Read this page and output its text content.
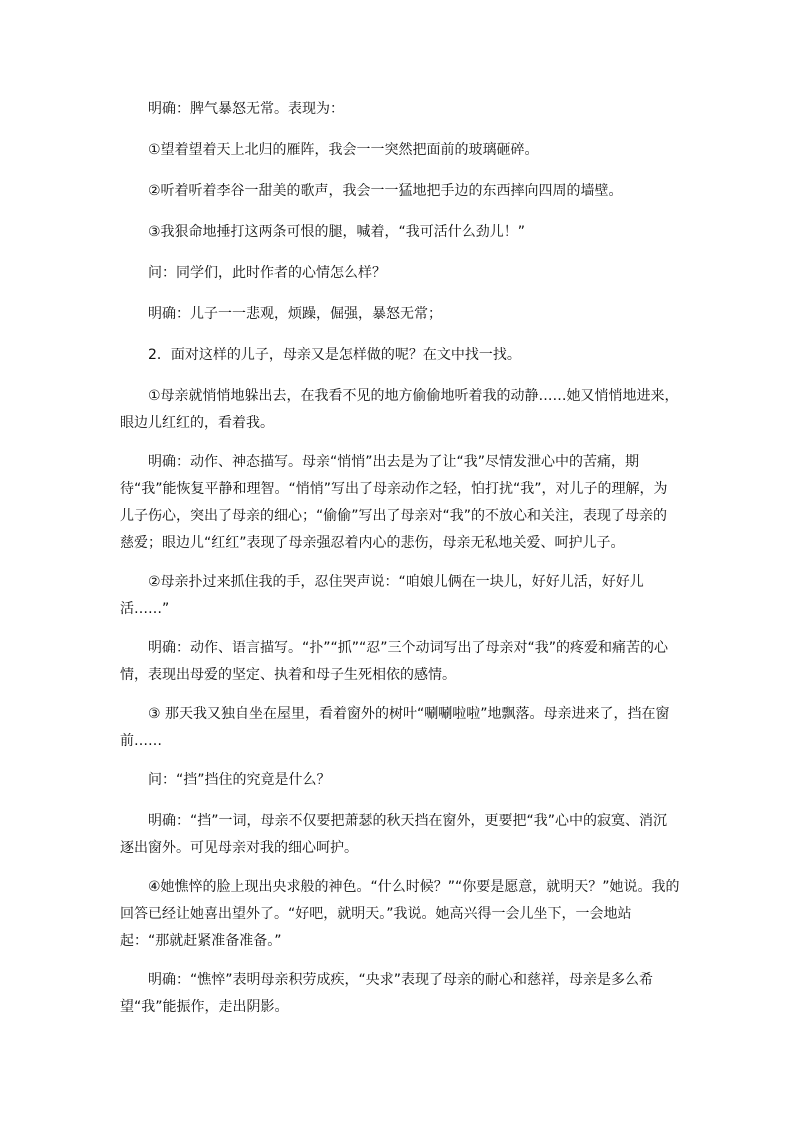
明确：脾气暴怒无常。表现为：

①望着望着天上北归的雁阵，我会一一突然把面前的玻璃砸碎。

②听着听着李谷一甜美的歌声，我会一一猛地把手边的东西摔向四周的墙壁。

③我狠命地捶打这两条可恨的腿，喊着，“我可活什么劲儿！”

问：同学们，此时作者的心情怎么样？

明确：儿子一一悲观，烦躁，倔强，暴怒无常；

2．面对这样的儿子，母亲又是怎样做的呢？在文中找一找。

①母亲就悄悄地躲出去，在我看不见的地方偷偷地听着我的动静……她又悄悄地进来，眼边儿红红的，看着我。

明确：动作、神态描写。母亲“悄悄”出去是为了让“我”尽情发泄心中的苦痛，期待“我”能恢复平静和理智。“悄悄”写出了母亲动作之轻，怕打扰“我”，对儿子的理解，为儿子伤心，突出了母亲的细心；“偷偷”写出了母亲对“我”的不放心和关注，表现了母亲的慈爱；眼边儿“红红”表现了母亲强忍着内心的悲伤，母亲无私地关爱、呵护儿子。

②母亲扑过来抓住我的手，忍住哭声说：“咱娘儿俩在一块儿，好好儿活，好好儿活……”

明确：动作、语言描写。“扑”“抓”“忍”三个动词写出了母亲对“我”的疼爱和痛苦的心情，表现出母爱的坚定、执着和母子生死相依的感情。

③ 那天我又独自坐在屋里，看着窗外的树叶“唰唰啦啦”地飘落。母亲进来了，挡在窗前……

问：“挡”挡住的究竟是什么？

明确：“挡”一词，母亲不仅要把萧瑟的秋天挡在窗外，更要把“我”心中的寂寞、消沉逐出窗外。可见母亲对我的细心呵护。

④她憔悴的脸上现出央求般的神色。“什么时候？”“你要是愿意，就明天？”她说。我的回答已经让她喜出望外了。“好吧，就明天。”我说。她高兴得一会儿坐下，一会地站起：“那就赶紧准备准备。”

明确：“憔悴”表明母亲积劳成疾，“央求”表现了母亲的耐心和慈祥，母亲是多么希望“我”能振作，走出阴影。
